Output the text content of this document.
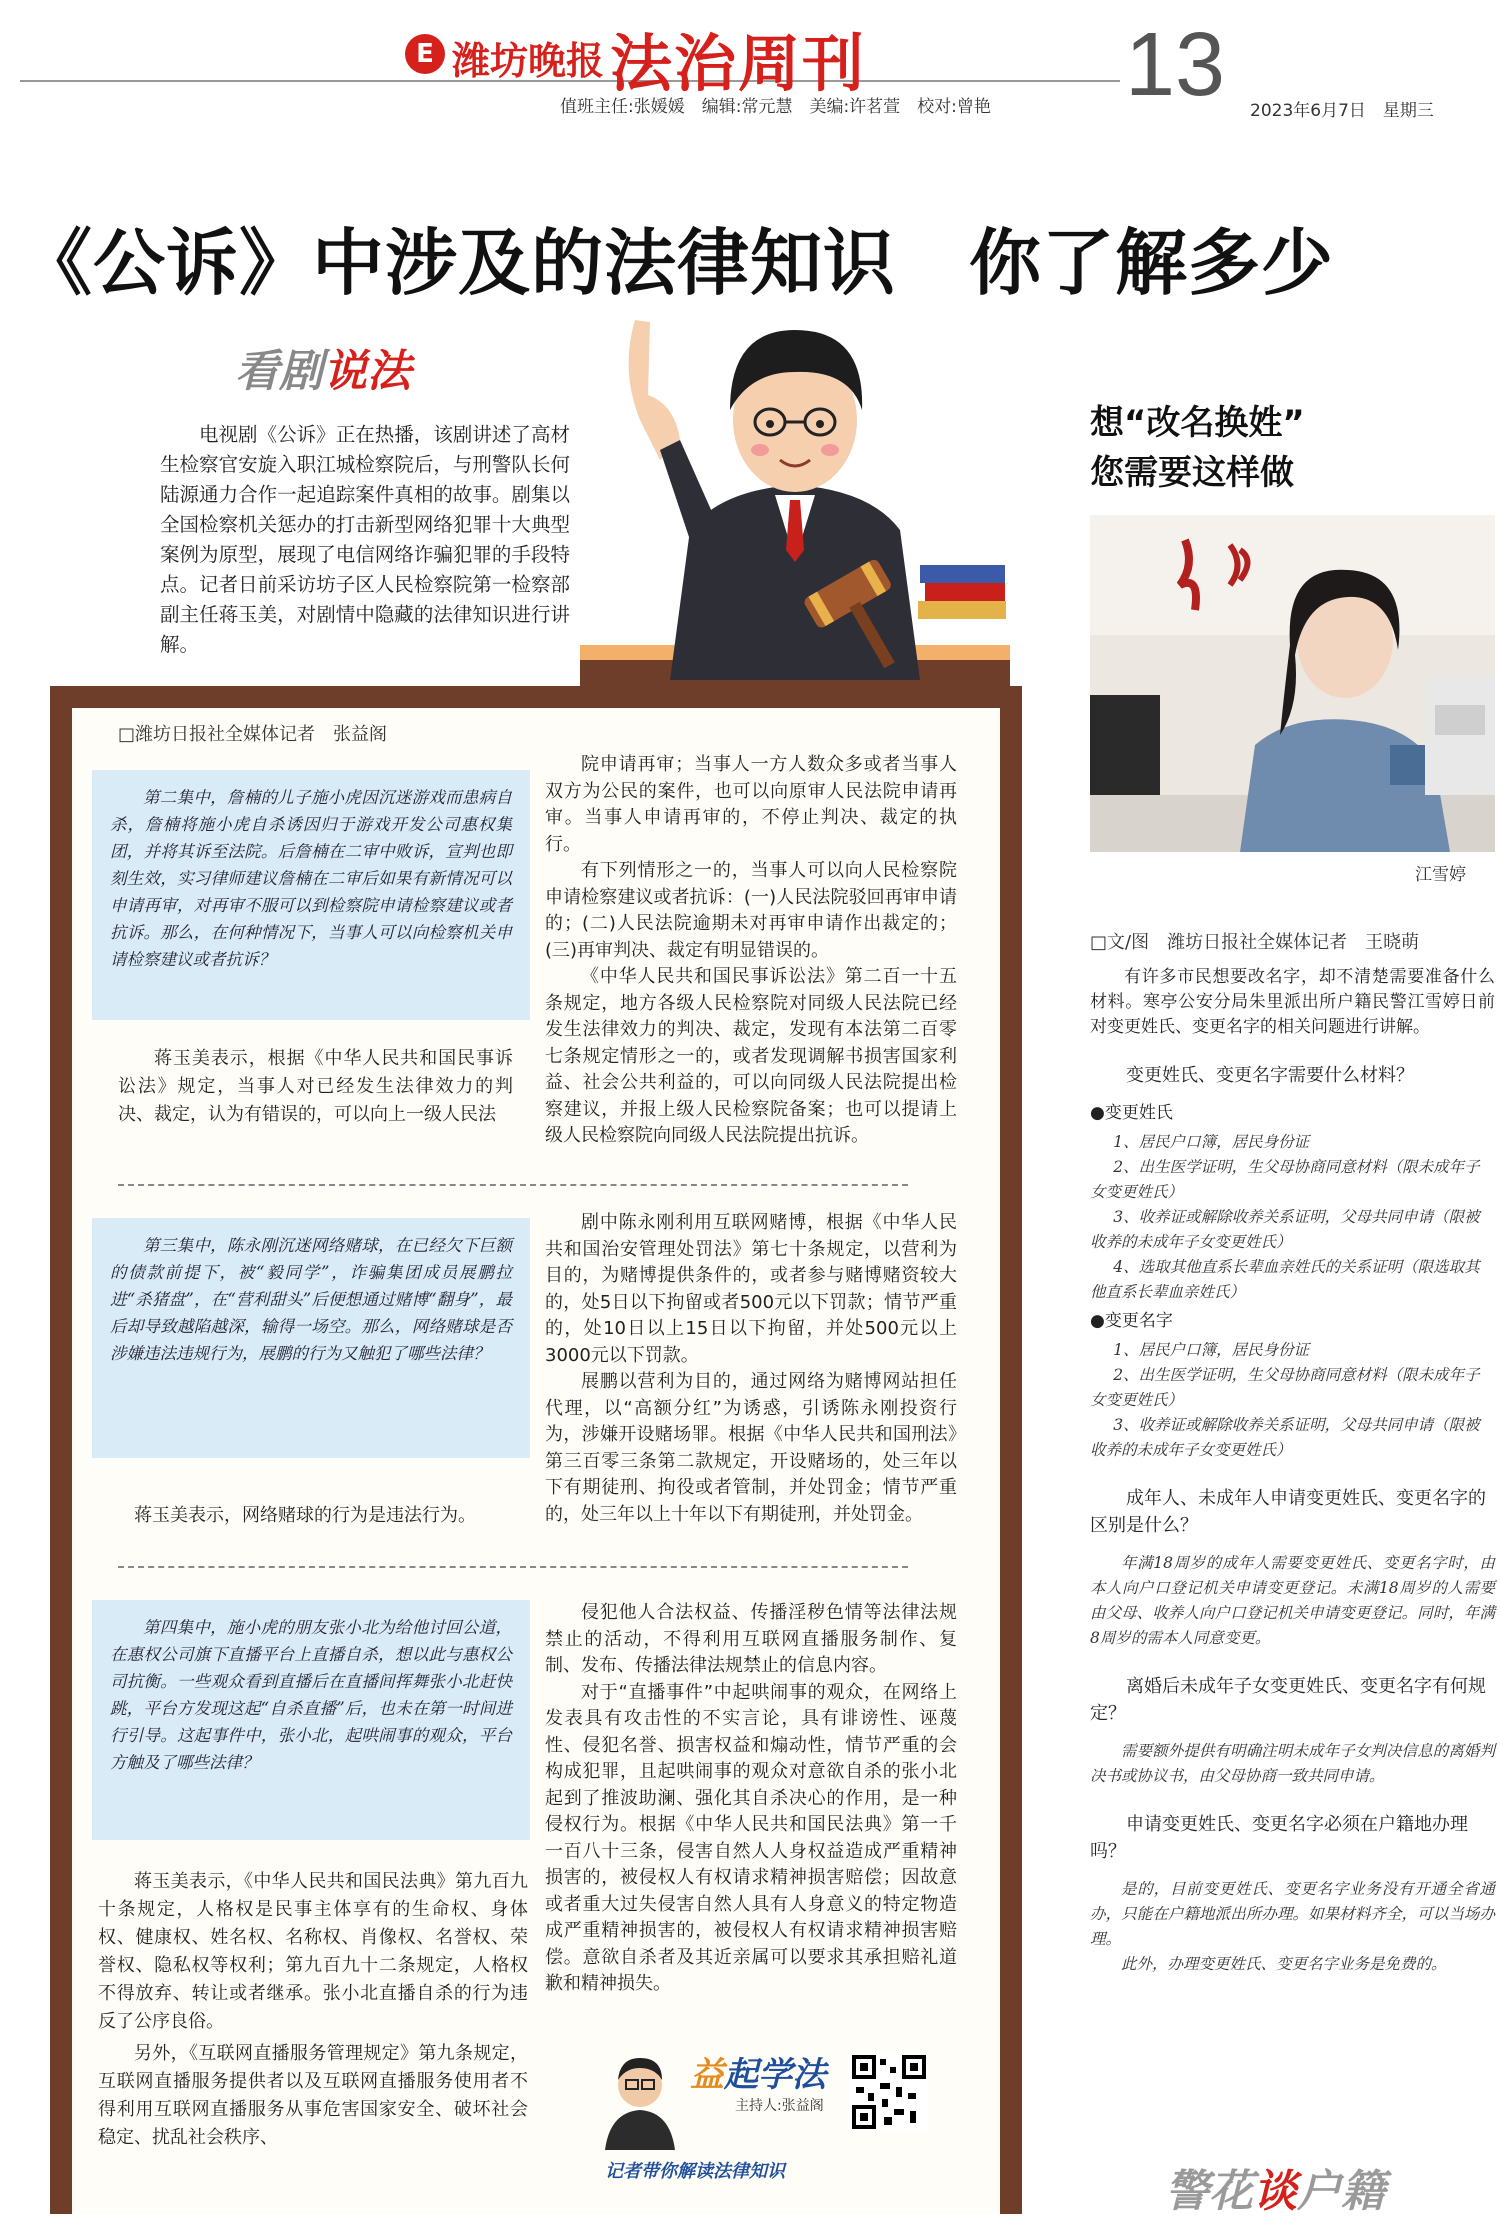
E 潍坊晚报 法治周刊
值班主任:张媛媛　编辑:常元慧　美编:许茗萱　校对:曾艳 13 2023年6月7日　星期三
《公诉》中涉及的法律知识　你了解多少
看剧说法
电视剧《公诉》正在热播，该剧讲述了高材生检察官安旋入职江城检察院后，与刑警队长何陆源通力合作一起追踪案件真相的故事。剧集以全国检察机关惩办的打击新型网络犯罪十大典型案例为原型，展现了电信网络诈骗犯罪的手段特点。记者日前采访坊子区人民检察院第一检察部副主任蒋玉美，对剧情中隐藏的法律知识进行讲解。
□潍坊日报社全媒体记者　张益阁
第二集中，詹楠的儿子施小虎因沉迷游戏而患病自杀，詹楠将施小虎自杀诱因归于游戏开发公司惠权集团，并将其诉至法院。后詹楠在二审中败诉，宣判也即刻生效，实习律师建议詹楠在二审后如果有新情况可以申请再审，对再审不服可以到检察院申请检察建议或者抗诉。那么，在何种情况下，当事人可以向检察机关申请检察建议或者抗诉？
蒋玉美表示，根据《中华人民共和国民事诉讼法》规定，当事人对已经发生法律效力的判决、裁定，认为有错误的，可以向上一级人民法

院申请再审；当事人一方人数众多或者当事人双方为公民的案件，也可以向原审人民法院申请再审。当事人申请再审的，不停止判决、裁定的执行。

有下列情形之一的，当事人可以向人民检察院申请检察建议或者抗诉：(一)人民法院驳回再审申请的；(二)人民法院逾期未对再审申请作出裁定的；(三)再审判决、裁定有明显错误的。

《中华人民共和国民事诉讼法》第二百一十五条规定，地方各级人民检察院对同级人民法院已经发生法律效力的判决、裁定，发现有本法第二百零七条规定情形之一的，或者发现调解书损害国家利益、社会公共利益的，可以向同级人民法院提出检察建议，并报上级人民检察院备案；也可以提请上级人民检察院向同级人民法院提出抗诉。

第三集中，陈永刚沉迷网络赌球，在已经欠下巨额的债款前提下，被“毅同学”，诈骗集团成员展鹏拉进“杀猪盘”，在“营利甜头”后便想通过赌博“翻身”，最后却导致越陷越深，输得一场空。那么，网络赌球是否涉嫌违法违规行为，展鹏的行为又触犯了哪些法律？
蒋玉美表示，网络赌球的行为是违法行为。

剧中陈永刚利用互联网赌博，根据《中华人民共和国治安管理处罚法》第七十条规定，以营利为目的，为赌博提供条件的，或者参与赌博赌资较大的，处5日以下拘留或者500元以下罚款；情节严重的，处10日以上15日以下拘留，并处500元以上3000元以下罚款。

展鹏以营利为目的，通过网络为赌博网站担任代理，以“高额分红”为诱惑，引诱陈永刚投资行为，涉嫌开设赌场罪。根据《中华人民共和国刑法》第三百零三条第二款规定，开设赌场的，处三年以下有期徒刑、拘役或者管制，并处罚金；情节严重的，处三年以上十年以下有期徒刑，并处罚金。

第四集中，施小虎的朋友张小北为给他讨回公道，在惠权公司旗下直播平台上直播自杀，想以此与惠权公司抗衡。一些观众看到直播后在直播间挥舞张小北赶快跳，平台方发现这起“自杀直播”后，也未在第一时间进行引导。这起事件中，张小北，起哄闹事的观众，平台方触及了哪些法律？
蒋玉美表示，《中华人民共和国民法典》第九百九十条规定，人格权是民事主体享有的生命权、身体权、健康权、姓名权、名称权、肖像权、名誉权、荣誉权、隐私权等权利；第九百九十二条规定，人格权不得放弃、转让或者继承。张小北直播自杀的行为违反了公序良俗。
另外，《互联网直播服务管理规定》第九条规定，互联网直播服务提供者以及互联网直播服务使用者不得利用互联网直播服务从事危害国家安全、破坏社会稳定、扰乱社会秩序、

侵犯他人合法权益、传播淫秽色情等法律法规禁止的活动，不得利用互联网直播服务制作、复制、发布、传播法律法规禁止的信息内容。

对于“直播事件”中起哄闹事的观众，在网络上发表具有攻击性的不实言论，具有诽谤性、诬蔑性、侵犯名誉、损害权益和煽动性，情节严重的会构成犯罪，且起哄闹事的观众对意欲自杀的张小北起到了推波助澜、强化其自杀决心的作用，是一种侵权行为。根据《中华人民共和国民法典》第一千一百八十三条，侵害自然人人身权益造成严重精神损害的，被侵权人有权请求精神损害赔偿；因故意或者重大过失侵害自然人具有人身意义的特定物造成严重精神损害的，被侵权人有权请求精神损害赔偿。意欲自杀者及其近亲属可以要求其承担赔礼道歉和精神损失。

益起学法
主持人:张益阁
记者带你解读法律知识
想“改名换姓”
您需要这样做
江雪婷
□文/图　潍坊日报社全媒体记者　王晓萌

有许多市民想要改名字，却不清楚需要准备什么材料。寒亭公安分局朱里派出所户籍民警江雪婷日前对变更姓氏、变更名字的相关问题进行讲解。

变更姓氏、变更名字需要什么材料？

●变更姓氏

1、居民户口簿，居民身份证

2、出生医学证明，生父母协商同意材料（限未成年子女变更姓氏）

3、收养证或解除收养关系证明，父母共同申请（限被收养的未成年子女变更姓氏）

4、选取其他直系长辈血亲姓氏的关系证明（限选取其他直系长辈血亲姓氏）

●变更名字

1、居民户口簿，居民身份证

2、出生医学证明，生父母协商同意材料（限未成年子女变更姓氏）

3、收养证或解除收养关系证明，父母共同申请（限被收养的未成年子女变更姓氏）

成年人、未成年人申请变更姓氏、变更名字的区别是什么？

年满18周岁的成年人需要变更姓氏、变更名字时，由本人向户口登记机关申请变更登记。未满18周岁的人需要由父母、收养人向户口登记机关申请变更登记。同时，年满8周岁的需本人同意变更。

离婚后未成年子女变更姓氏、变更名字有何规定？

需要额外提供有明确注明未成年子女判决信息的离婚判决书或协议书，由父母协商一致共同申请。

申请变更姓氏、变更名字必须在户籍地办理吗？

是的，目前变更姓氏、变更名字业务没有开通全省通办，只能在户籍地派出所办理。如果材料齐全，可以当场办理。

此外，办理变更姓氏、变更名字业务是免费的。

警花谈户籍
